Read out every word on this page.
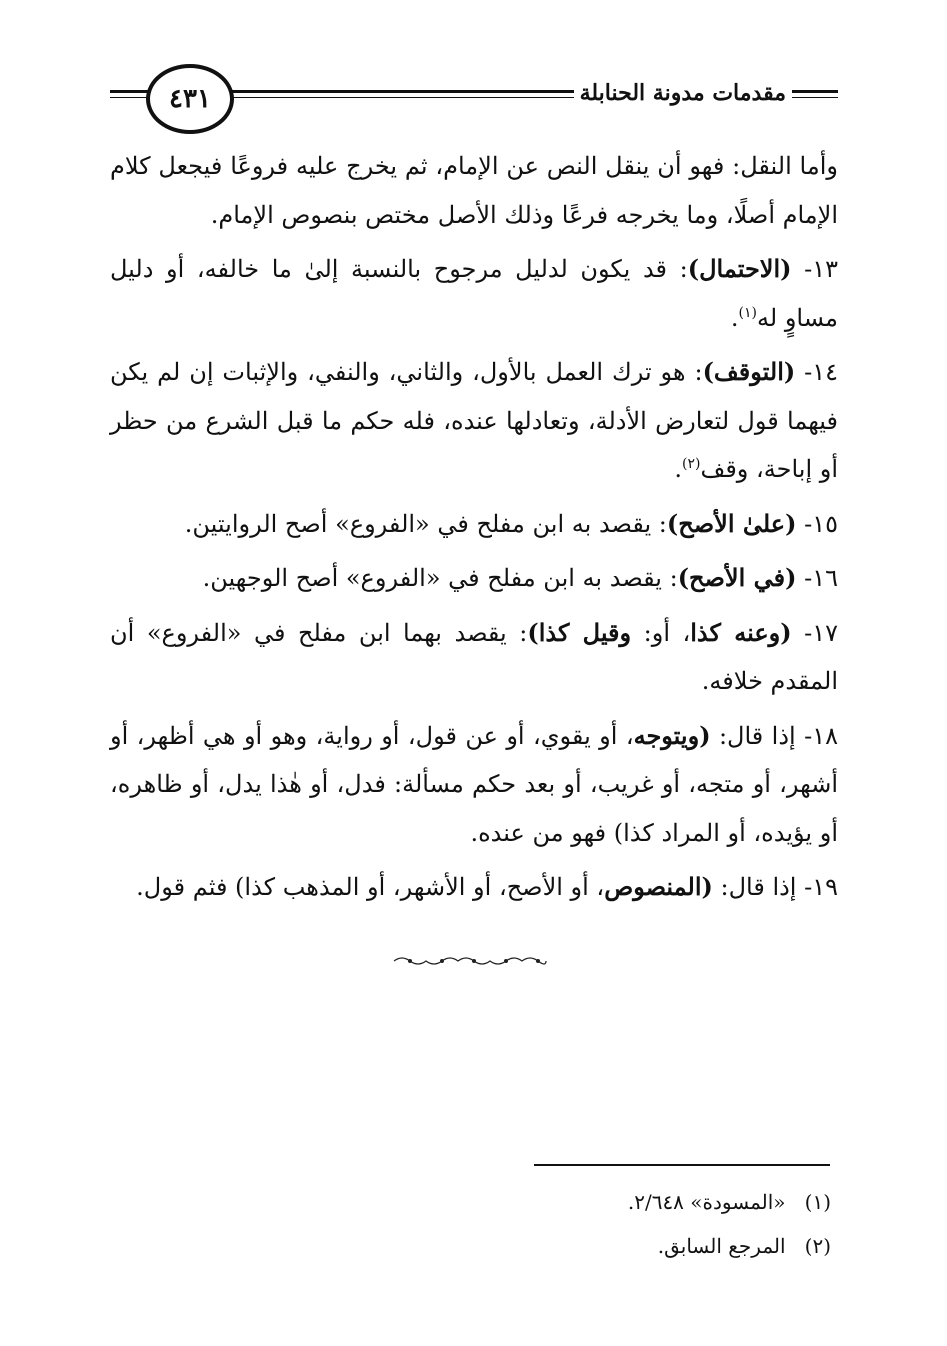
٤٣١	مقدمات مدونة الحنابلة

وأما النقل: فهو أن ينقل النص عن الإمام، ثم يخرج عليه فروعًا فيجعل كلام الإمام أصلًا، وما يخرجه فرعًا وذلك الأصل مختص بنصوص الإمام.

١٣- (الاحتمال): قد يكون لدليل مرجوح بالنسبة إلىٰ ما خالفه، أو دليل مساوٍ له$^{(١)}$.

١٤- (التوقف): هو ترك العمل بالأول، والثاني، والنفي، والإثبات إن لم يكن فيهما قول لتعارض الأدلة، وتعادلها عنده، فله حكم ما قبل الشرع من حظر أو إباحة، وقف$^{(٢)}$.

١٥- (علىٰ الأصح): يقصد به ابن مفلح في «الفروع» أصح الروايتين.

١٦- (في الأصح): يقصد به ابن مفلح في «الفروع» أصح الوجهين.

١٧- (وعنه كذا، أو: وقيل كذا): يقصد بهما ابن مفلح في «الفروع» أن المقدم خلافه.

١٨- إذا قال: (ويتوجه، أو يقوي، أو عن قول، أو رواية، وهو أو هي أظهر، أو أشهر، أو متجه، أو غريب، أو بعد حكم مسألة: فدل، أو هٰذا يدل، أو ظاهره، أو يؤيده، أو المراد كذا) فهو من عنده.

١٩- إذا قال: (المنصوص، أو الأصح، أو الأشهر، أو المذهب كذا) فثم قول.

(١)   «المسودة» ٢/٦٤٨.
(٢)   المرجع السابق.
